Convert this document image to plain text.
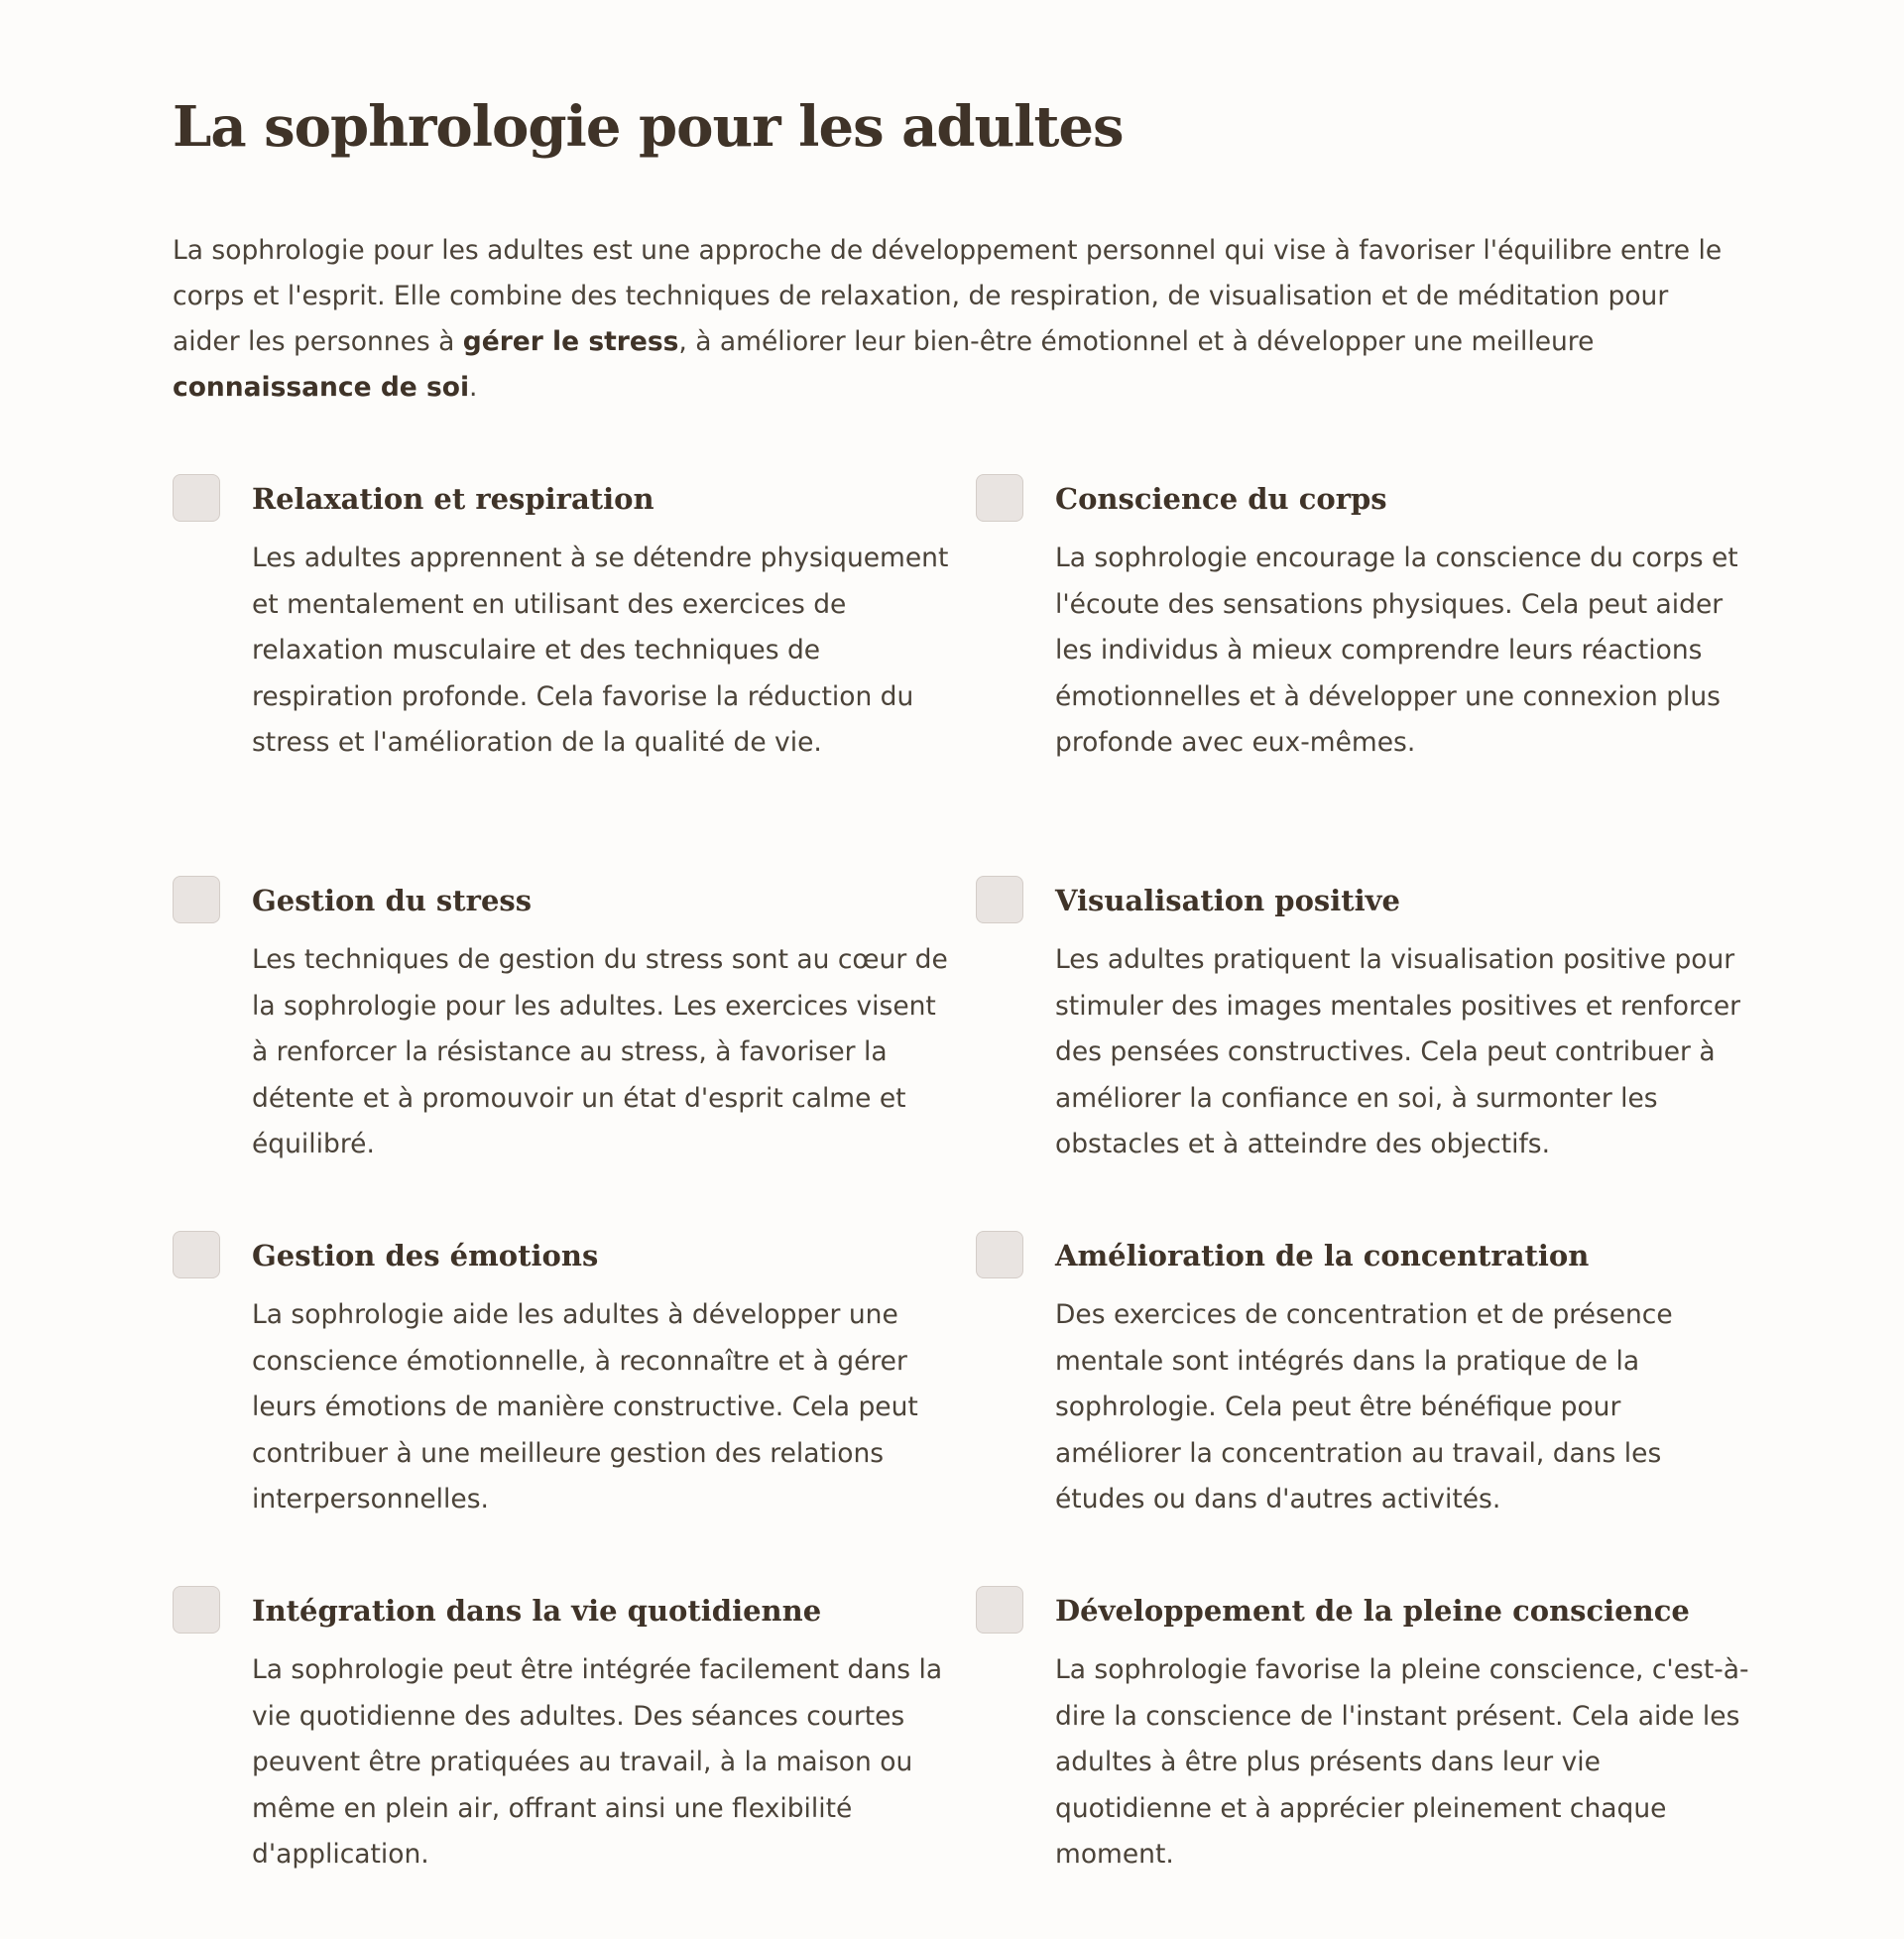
La sophrologie pour les adultes

La sophrologie pour les adultes est une approche de développement personnel qui vise à favoriser l'équilibre entre le corps et l'esprit. Elle combine des techniques de relaxation, de respiration, de visualisation et de méditation pour aider les personnes à gérer le stress, à améliorer leur bien-être émotionnel et à développer une meilleure connaissance de soi.

Relaxation et respiration

Les adultes apprennent à se détendre physiquement et mentalement en utilisant des exercices de relaxation musculaire et des techniques de respiration profonde. Cela favorise la réduction du stress et l'amélioration de la qualité de vie.

Conscience du corps

La sophrologie encourage la conscience du corps et l'écoute des sensations physiques. Cela peut aider les individus à mieux comprendre leurs réactions émotionnelles et à développer une connexion plus profonde avec eux-mêmes.

Gestion du stress

Les techniques de gestion du stress sont au cœur de la sophrologie pour les adultes. Les exercices visent à renforcer la résistance au stress, à favoriser la détente et à promouvoir un état d'esprit calme et équilibré.

Visualisation positive

Les adultes pratiquent la visualisation positive pour stimuler des images mentales positives et renforcer des pensées constructives. Cela peut contribuer à améliorer la confiance en soi, à surmonter les obstacles et à atteindre des objectifs.

Gestion des émotions

La sophrologie aide les adultes à développer une conscience émotionnelle, à reconnaître et à gérer leurs émotions de manière constructive. Cela peut contribuer à une meilleure gestion des relations interpersonnelles.

Amélioration de la concentration

Des exercices de concentration et de présence mentale sont intégrés dans la pratique de la sophrologie. Cela peut être bénéfique pour améliorer la concentration au travail, dans les études ou dans d'autres activités.

Intégration dans la vie quotidienne

La sophrologie peut être intégrée facilement dans la vie quotidienne des adultes. Des séances courtes peuvent être pratiquées au travail, à la maison ou même en plein air, offrant ainsi une flexibilité d'application.

Développement de la pleine conscience

La sophrologie favorise la pleine conscience, c'est-à-dire la conscience de l'instant présent. Cela aide les adultes à être plus présents dans leur vie quotidienne et à apprécier pleinement chaque moment.
